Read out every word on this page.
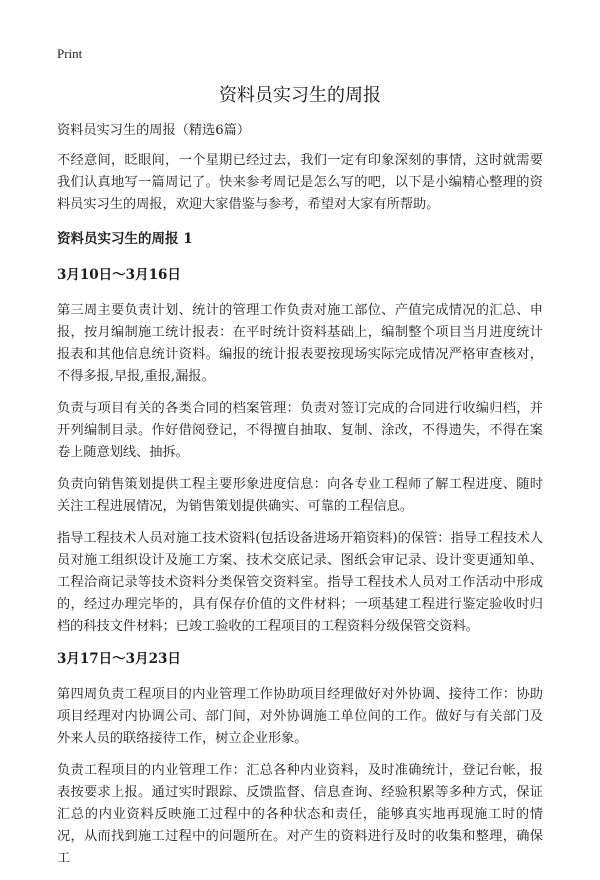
Print
资料员实习生的周报

资料员实习生的周报（精选6篇）

不经意间，眨眼间，一个星期已经过去，我们一定有印象深刻的事情，这时就需要我们认真地写一篇周记了。快来参考周记是怎么写的吧，以下是小编精心整理的资料员实习生的周报，欢迎大家借鉴与参考，希望对大家有所帮助。

资料员实习生的周报 1
3月10日～3月16日

第三周主要负责计划、统计的管理工作负责对施工部位、产值完成情况的汇总、申报，按月编制施工统计报表：在平时统计资料基础上，编制整个项目当月进度统计报表和其他信息统计资料。编报的统计报表要按现场实际完成情况严格审查核对，不得多报,早报,重报,漏报。

负责与项目有关的各类合同的档案管理：负责对签订完成的合同进行收编归档，并开列编制目录。作好借阅登记，不得擅自抽取、复制、涂改，不得遗失，不得在案卷上随意划线、抽拆。

负责向销售策划提供工程主要形象进度信息：向各专业工程师了解工程进度、随时关注工程进展情况，为销售策划提供确实、可靠的工程信息。

指导工程技术人员对施工技术资料(包括设备进场开箱资料)的保管：指导工程技术人员对施工组织设计及施工方案、技术交底记录、图纸会审记录、设计变更通知单、工程洽商记录等技术资料分类保管交资料室。指导工程技术人员对工作活动中形成的，经过办理完毕的，具有保存价值的文件材料；一项基建工程进行鉴定验收时归档的科技文件材料；已竣工验收的工程项目的工程资料分级保管交资料。

3月17日～3月23日

第四周负责工程项目的内业管理工作协助项目经理做好对外协调、接待工作：协助项目经理对内协调公司、部门间，对外协调施工单位间的工作。做好与有关部门及外来人员的联络接待工作，树立企业形象。

负责工程项目的内业管理工作：汇总各种内业资料，及时准确统计，登记台帐，报表按要求上报。通过实时跟踪、反馈监督、信息查询、经验积累等多种方式，保证汇总的内业资料反映施工过程中的各种状态和责任，能够真实地再现施工时的情况，从而找到施工过程中的问题所在。对产生的资料进行及时的收集和整理，确保工
